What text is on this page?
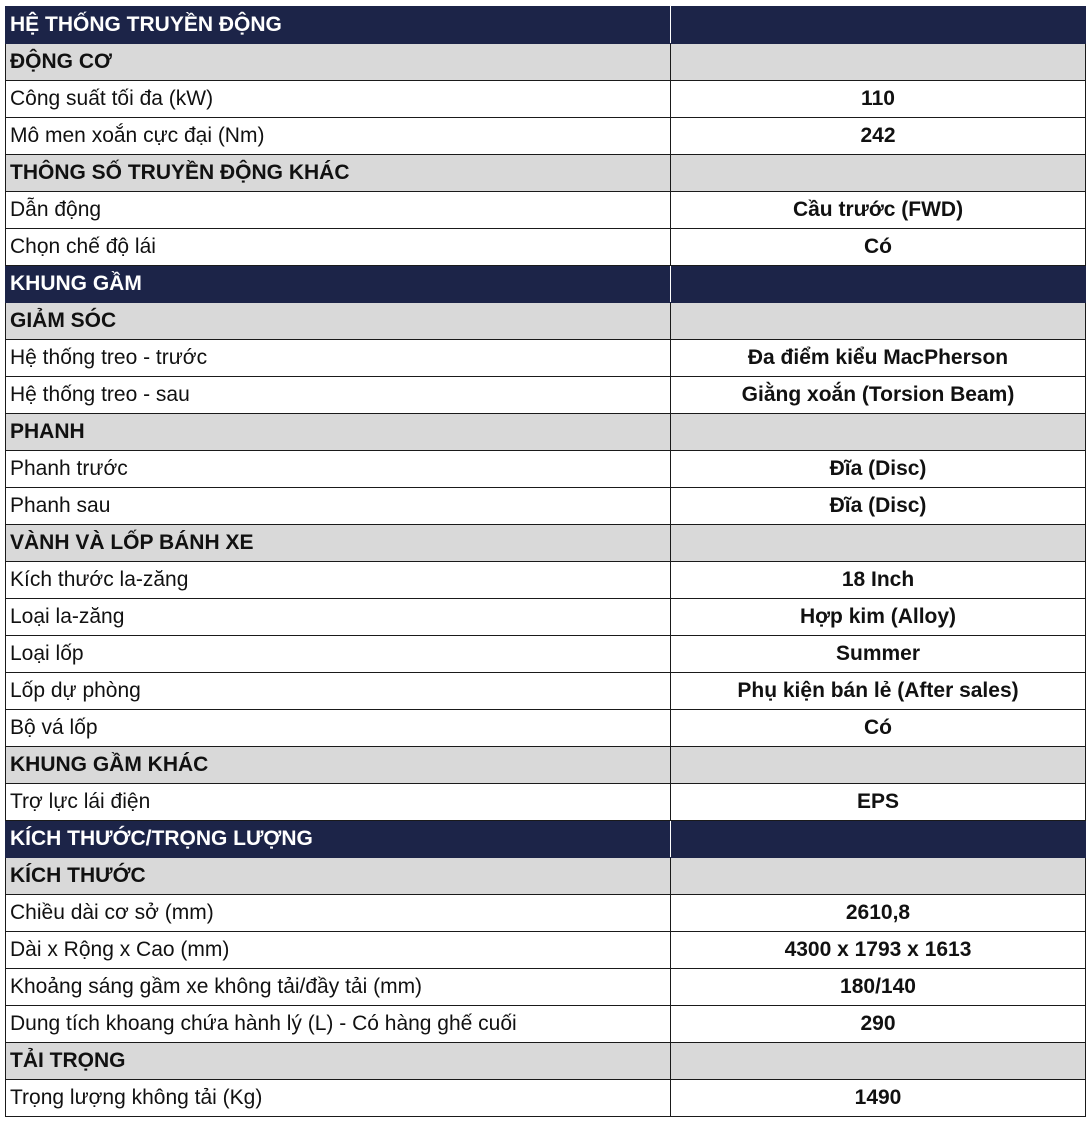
HỆ THỐNG TRUYỀN ĐỘNG	
ĐỘNG CƠ	
Công suất tối đa (kW)	110
Mô men xoắn cực đại (Nm)	242
THÔNG SỐ TRUYỀN ĐỘNG KHÁC	
Dẫn động	Cầu trước (FWD)
Chọn chế độ lái	Có
KHUNG GẦM	
GIẢM SÓC	
Hệ thống treo - trước	Đa điểm kiểu MacPherson
Hệ thống treo - sau	Giằng xoắn (Torsion Beam)
PHANH	
Phanh trước	Đĩa (Disc)
Phanh sau	Đĩa (Disc)
VÀNH VÀ LỐP BÁNH XE	
Kích thước la-zăng	18 Inch
Loại la-zăng	Hợp kim (Alloy)
Loại lốp	Summer
Lốp dự phòng	Phụ kiện bán lẻ (After sales)
Bộ vá lốp	Có
KHUNG GẦM KHÁC	
Trợ lực lái điện	EPS
KÍCH THƯỚC/TRỌNG LƯỢNG	
KÍCH THƯỚC	
Chiều dài cơ sở (mm)	2610,8
Dài x Rộng x Cao (mm)	4300 x 1793 x 1613
Khoảng sáng gầm xe không tải/đầy tải (mm)	180/140
Dung tích khoang chứa hành lý (L) - Có hàng ghế cuối	290
TẢI TRỌNG	
Trọng lượng không tải (Kg)	1490
